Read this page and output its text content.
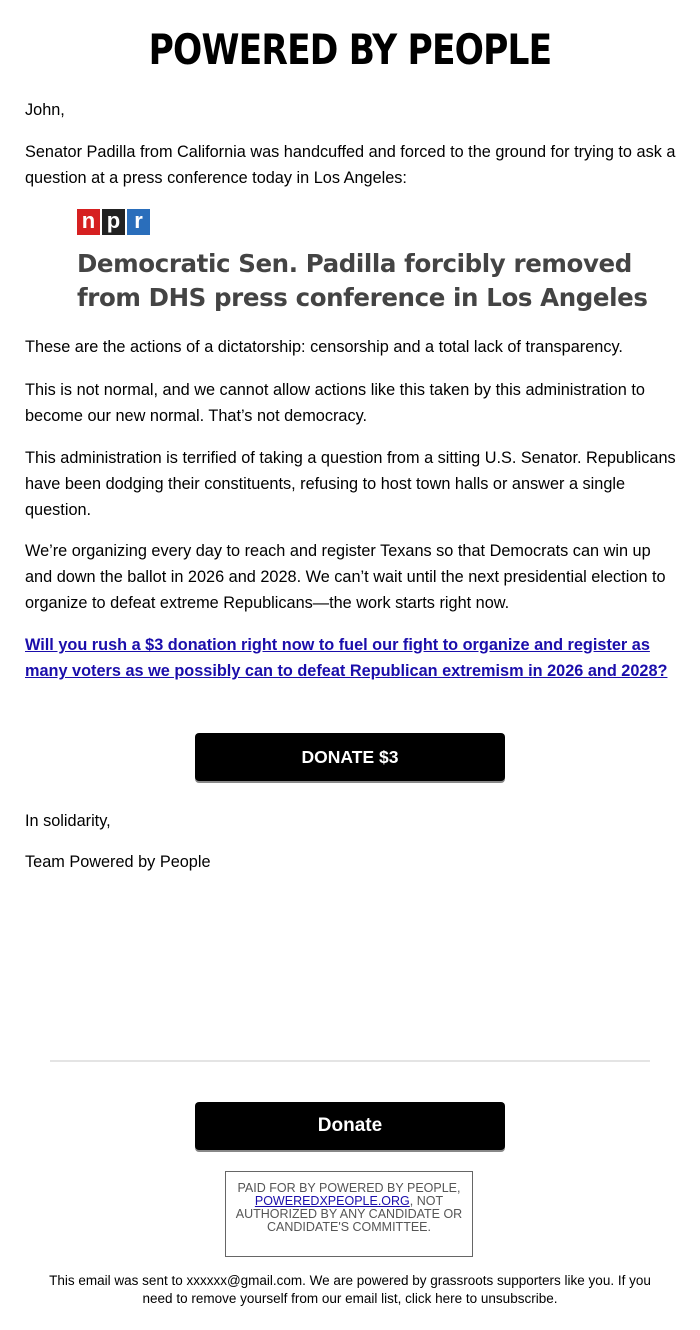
POWERED BY PEOPLE

John,

Senator Padilla from California was handcuffed and forced to the ground for trying to ask a question at a press conference today in Los Angeles:

n p r

Democratic Sen. Padilla forcibly removed from DHS press conference in Los Angeles

These are the actions of a dictatorship: censorship and a total lack of transparency.

This is not normal, and we cannot allow actions like this taken by this administration to become our new normal. That’s not democracy.

This administration is terrified of taking a question from a sitting U.S. Senator. Republicans have been dodging their constituents, refusing to host town halls or answer a single question.

We’re organizing every day to reach and register Texans so that Democrats can win up and down the ballot in 2026 and 2028. We can’t wait until the next presidential election to organize to defeat extreme Republicans—the work starts right now.

Will you rush a $3 donation right now to fuel our fight to organize and register as many voters as we possibly can to defeat Republican extremism in 2026 and 2028?
DONATE $3

In solidarity,

Team Powered by People

Donate
PAID FOR BY POWERED BY PEOPLE, POWEREDXPEOPLE.ORG, NOT AUTHORIZED BY ANY CANDIDATE OR CANDIDATE'S COMMITTEE.
This email was sent to xxxxxx@gmail.com. We are powered by grassroots supporters like you. If you need to remove yourself from our email list, click here to unsubscribe.
